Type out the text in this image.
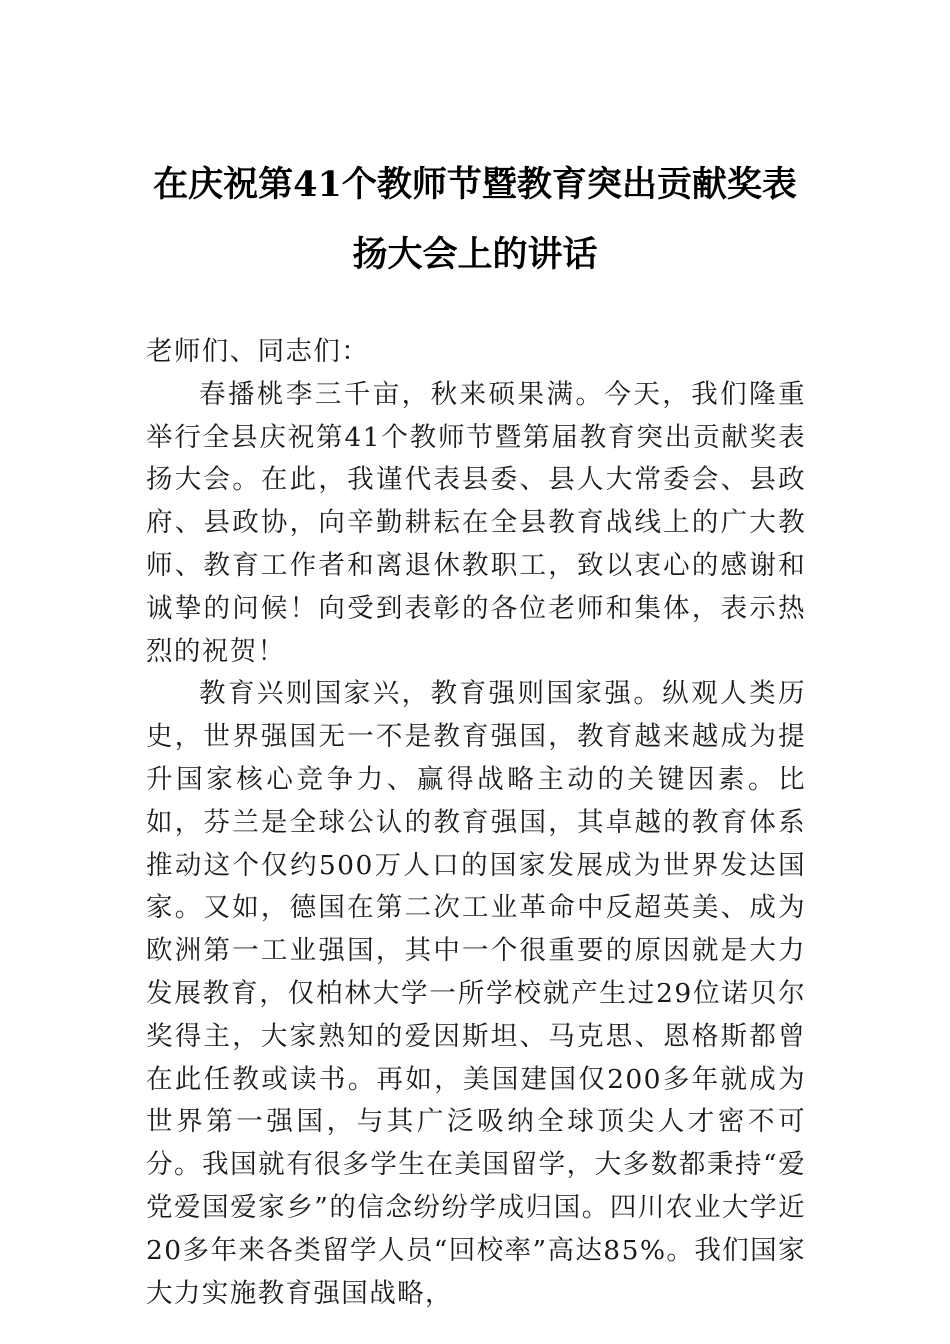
在庆祝第41个教师节暨教育突出贡献奖表
扬大会上的讲话

老师们、同志们：

春播桃李三千亩，秋来硕果满。今天，我们隆重举行全县庆祝第41个教师节暨第届教育突出贡献奖表扬大会。在此，我谨代表县委、县人大常委会、县政府、县政协，向辛勤耕耘在全县教育战线上的广大教师、教育工作者和离退休教职工，致以衷心的感谢和诚挚的问候！向受到表彰的各位老师和集体，表示热烈的祝贺！

教育兴则国家兴，教育强则国家强。纵观人类历史，世界强国无一不是教育强国，教育越来越成为提升国家核心竞争力、赢得战略主动的关键因素。比如，芬兰是全球公认的教育强国，其卓越的教育体系推动这个仅约500万人口的国家发展成为世界发达国家。又如，德国在第二次工业革命中反超英美、成为欧洲第一工业强国，其中一个很重要的原因就是大力发展教育，仅柏林大学一所学校就产生过29位诺贝尔奖得主，大家熟知的爱因斯坦、马克思、恩格斯都曾在此任教或读书。再如，美国建国仅200多年就成为世界第一强国，与其广泛吸纳全球顶尖人才密不可分。我国就有很多学生在美国留学，大多数都秉持“爱党爱国爱家乡”的信念纷纷学成归国。四川农业大学近20多年来各类留学人员“回校率”高达85%。我们国家大力实施教育强国战略，
